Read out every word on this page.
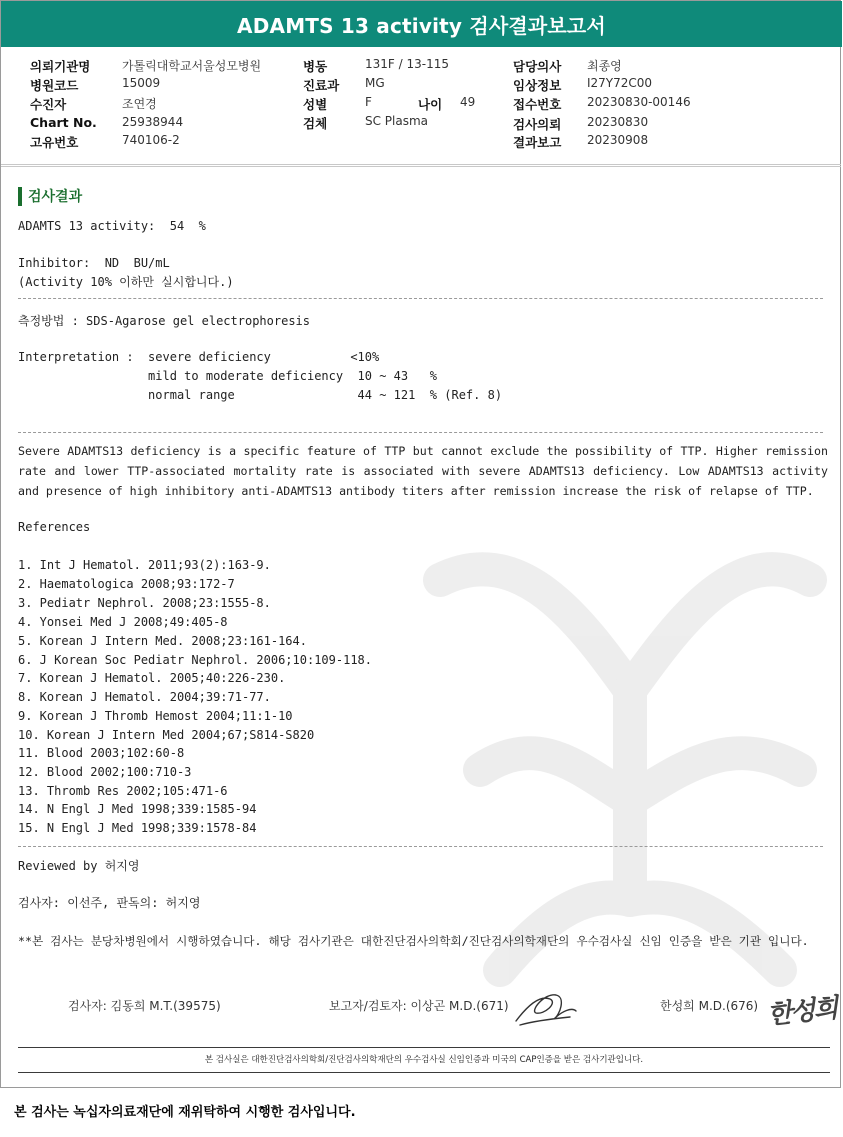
ADAMTS 13 activity 검사결과보고서
의뢰기관명	가톨릭대학교서울성모병원
병원코드	15009
수진자	조연경
Chart No. 25938944
고유번호	740106-2
병동	131F / 13-115
진료과 MG
성별	F	나이 49
검체	SC Plasma
담당의사 최종영
임상정보 I27Y72C00
접수번호 20230830-00146
검사의뢰 20230830
결과보고 20230908
검사결과
ADAMTS 13 activity:  54  %
Inhibitor:  ND  BU/mL
(Activity 10% 이하만 실시합니다.)
측정방법 : SDS-Agarose gel electrophoresis
Interpretation :  severe deficiency           <10%
mild to moderate deficiency  10 ~ 43   %
normal range                 44 ~ 121  % (Ref. 8)
Severe ADAMTS13 deficiency is a specific feature of TTP but cannot exclude the possibility of TTP. Higher remission rate and lower TTP-associated mortality rate is associated with severe ADAMTS13 deficiency. Low ADAMTS13 activity and presence of high inhibitory anti-ADAMTS13 antibody titers after remission increase the risk of relapse of TTP.
References
1. Int J Hematol. 2011;93(2):163-9.
2. Haematologica 2008;93:172-7
3. Pediatr Nephrol. 2008;23:1555-8.
4. Yonsei Med J 2008;49:405-8
5. Korean J Intern Med. 2008;23:161-164.
6. J Korean Soc Pediatr Nephrol. 2006;10:109-118.
7. Korean J Hematol. 2005;40:226-230.
8. Korean J Hematol. 2004;39:71-77.
9. Korean J Thromb Hemost 2004;11:1-10
10. Korean J Intern Med 2004;67;S814-S820
11. Blood 2003;102:60-8
12. Blood 2002;100:710-3
13. Thromb Res 2002;105:471-6
14. N Engl J Med 1998;339:1585-94
15. N Engl J Med 1998;339:1578-84
Reviewed by 허지영
검사자: 이선주, 판독의: 허지영
**본 검사는 분당차병원에서 시행하였습니다. 해당 검사기관은 대한진단검사의학회/진단검사의학재단의 우수검사실 신임 인증을 받은 기관 입니다.
검사자: 김동희 M.T.(39575)	보고자/검토자: 이상곤 M.D.(671)	한성희 M.D.(676) 한성희
본 검사실은 대한진단검사의학회/진단검사의학재단의 우수검사실 신임인증과 미국의 CAP인증을 받은 검사기관입니다.
본 검사는 녹십자의료재단에 재위탁하여 시행한 검사입니다.
